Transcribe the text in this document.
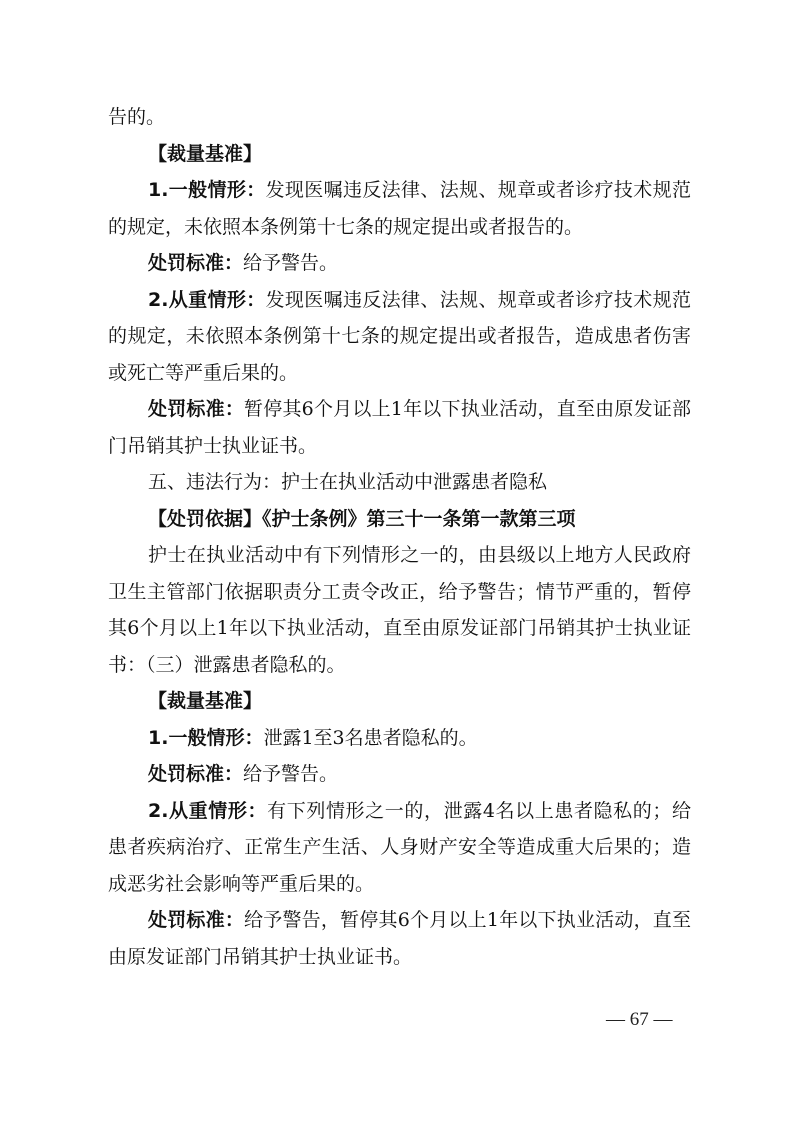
告的。

【裁量基准】

1.一般情形：发现医嘱违反法律、法规、规章或者诊疗技术规范的规定，未依照本条例第十七条的规定提出或者报告的。

处罚标准：给予警告。

2.从重情形：发现医嘱违反法律、法规、规章或者诊疗技术规范的规定，未依照本条例第十七条的规定提出或者报告，造成患者伤害或死亡等严重后果的。

处罚标准：暂停其6个月以上1年以下执业活动，直至由原发证部门吊销其护士执业证书。

五、违法行为：护士在执业活动中泄露患者隐私

【处罚依据】《护士条例》第三十一条第一款第三项

护士在执业活动中有下列情形之一的，由县级以上地方人民政府卫生主管部门依据职责分工责令改正，给予警告；情节严重的，暂停其6个月以上1年以下执业活动，直至由原发证部门吊销其护士执业证书：（三）泄露患者隐私的。

【裁量基准】

1.一般情形：泄露1至3名患者隐私的。

处罚标准：给予警告。

2.从重情形：有下列情形之一的，泄露4名以上患者隐私的；给患者疾病治疗、正常生产生活、人身财产安全等造成重大后果的；造成恶劣社会影响等严重后果的。

处罚标准：给予警告，暂停其6个月以上1年以下执业活动，直至由原发证部门吊销其护士执业证书。

— 67 —
